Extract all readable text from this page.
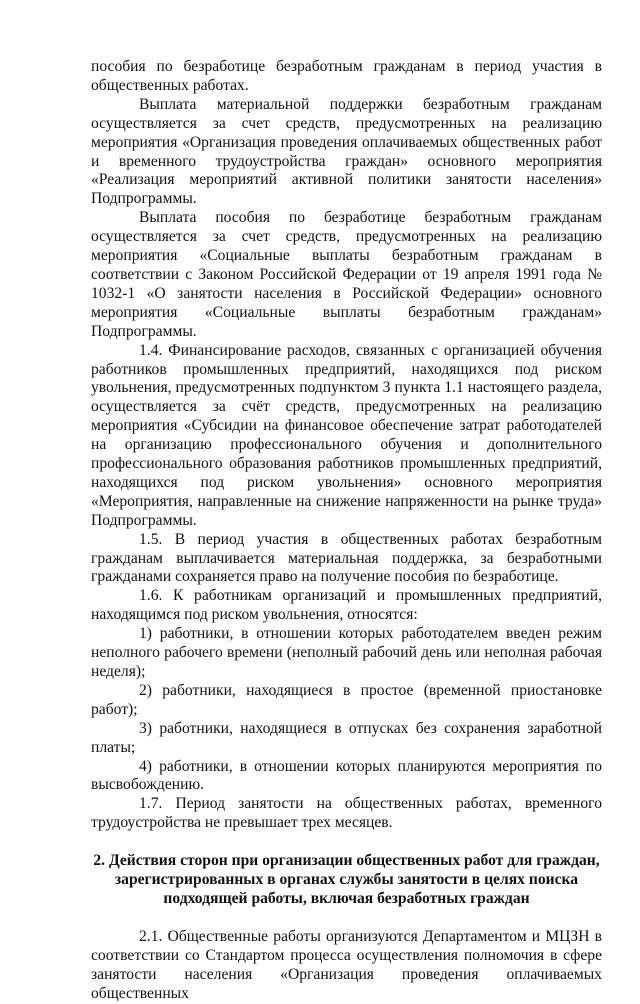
пособия по безработице безработным гражданам в период участия в общественных работах.

Выплата материальной поддержки безработным гражданам осуществляется за счет средств, предусмотренных на реализацию мероприятия «Организация проведения оплачиваемых общественных работ и временного трудоустройства граждан» основного мероприятия «Реализация мероприятий активной политики занятости населения» Подпрограммы.

Выплата пособия по безработице безработным гражданам осуществляется за счет средств, предусмотренных на реализацию мероприятия «Социальные выплаты безработным гражданам в соответствии с Законом Российской Федерации от 19 апреля 1991 года № 1032-1 «О занятости населения в Российской Федерации» основного мероприятия «Социальные выплаты безработным гражданам» Подпрограммы.

1.4. Финансирование расходов, связанных с организацией обучения работников промышленных предприятий, находящихся под риском увольнения, предусмотренных подпунктом 3 пункта 1.1 настоящего раздела, осуществляется за счёт средств, предусмотренных на реализацию мероприятия «Субсидии на финансовое обеспечение затрат работодателей на организацию профессионального обучения и дополнительного профессионального образования работников промышленных предприятий, находящихся под риском увольнения» основного мероприятия «Мероприятия, направленные на снижение напряженности на рынке труда» Подпрограммы.

1.5. В период участия в общественных работах безработным гражданам выплачивается материальная поддержка, за безработными гражданами сохраняется право на получение пособия по безработице.

1.6. К работникам организаций и промышленных предприятий, находящимся под риском увольнения, относятся:

1) работники, в отношении которых работодателем введен режим неполного рабочего времени (неполный рабочий день или неполная рабочая неделя);

2) работники, находящиеся в простое (временной приостановке работ);

3) работники, находящиеся в отпусках без сохранения заработной платы;

4) работники, в отношении которых планируются мероприятия по высвобождению.

1.7. Период занятости на общественных работах, временного трудоустройства не превышает трех месяцев.

2. Действия сторон при организации общественных работ для граждан, зарегистрированных в органах службы занятости в целях поиска подходящей работы, включая безработных граждан

2.1. Общественные работы организуются Департаментом и МЦЗН в соответствии со Стандартом процесса осуществления полномочия в сфере занятости населения «Организация проведения оплачиваемых общественных
